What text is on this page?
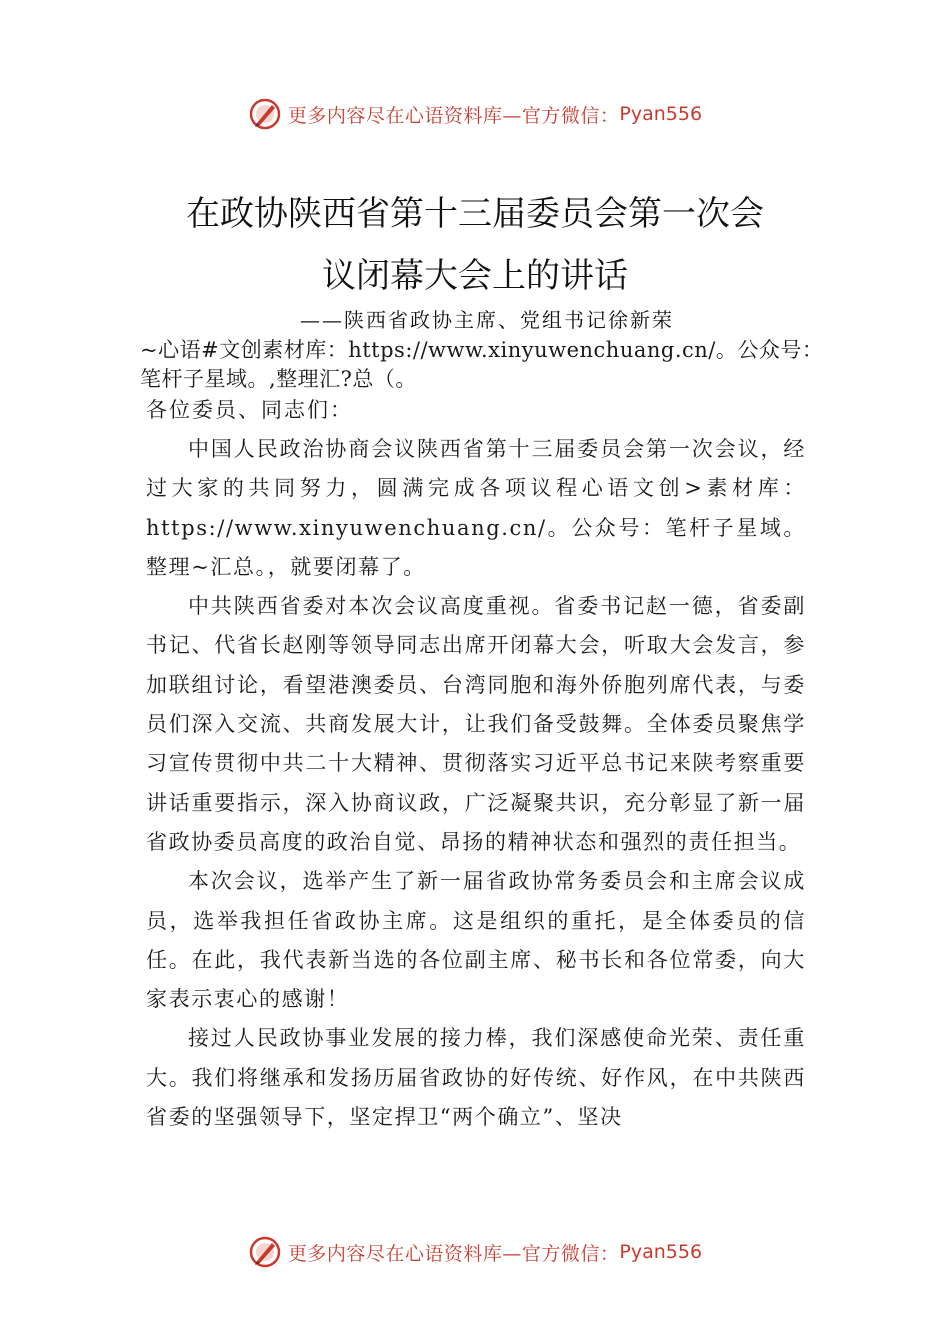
更多内容尽在心语资料库—官方微信： Pyan556
在政协陕西省第十三届委员会第一次会
议闭幕大会上的讲话
——陕西省政协主席、党组书记徐新荣
~心语#文创素材库：https://www.xinyuwenchuang.cn/。公众号：笔杆子星域。,整理汇?总（。
各位委员、同志们：

中国人民政治协商会议陕西省第十三届委员会第一次会议，经过大家的共同努力，圆满完成各项议程心语文创>素材库：https://www.xinyuwenchuang.cn/。公众号：笔杆子星域。整理~汇总。，就要闭幕了。

中共陕西省委对本次会议高度重视。省委书记赵一德，省委副书记、代省长赵刚等领导同志出席开闭幕大会，听取大会发言，参加联组讨论，看望港澳委员、台湾同胞和海外侨胞列席代表，与委员们深入交流、共商发展大计，让我们备受鼓舞。全体委员聚焦学习宣传贯彻中共二十大精神、贯彻落实习近平总书记来陕考察重要讲话重要指示，深入协商议政，广泛凝聚共识，充分彰显了新一届省政协委员高度的政治自觉、昂扬的精神状态和强烈的责任担当。

本次会议，选举产生了新一届省政协常务委员会和主席会议成员，选举我担任省政协主席。这是组织的重托，是全体委员的信任。在此，我代表新当选的各位副主席、秘书长和各位常委，向大家表示衷心的感谢！

接过人民政协事业发展的接力棒，我们深感使命光荣、责任重大。我们将继承和发扬历届省政协的好传统、好作风，在中共陕西省委的坚强领导下，坚定捍卫“两个确立”、坚决

更多内容尽在心语资料库—官方微信： Pyan556
